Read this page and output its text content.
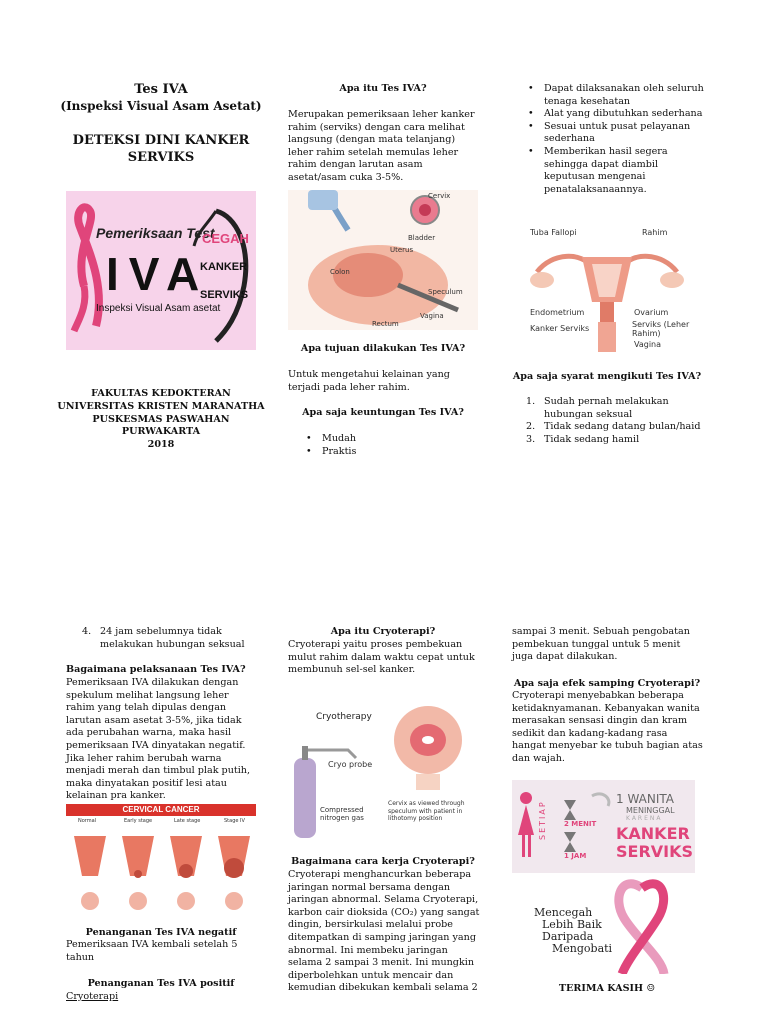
Tes IVA
(Inspeksi Visual Asam Asetat)
DETEKSI DINI KANKER
SERVIKS
Pemeriksaan Test
IVA
Inspeksi Visual Asam asetat
CEGAH
KANKER
SERVIKS
FAKULTAS KEDOKTERAN
UNIVERSITAS KRISTEN MARANATHA
PUSKESMAS PASWAHAN
PURWAKARTA
2018
Apa itu Tes IVA?
Merupakan pemeriksaan leher kanker rahim (serviks) dengan cara melihat langsung (dengan mata telanjang) leher rahim setelah memulas leher rahim dengan larutan asam asetat/asam cuka 3-5%.
Cervix
Uterus
Bladder
Speculum
Vagina
Rectum
Colon
Apa tujuan dilakukan Tes IVA?
Untuk mengetahui kelainan yang terjadi pada leher rahim.
Apa saja keuntungan Tes IVA?
• Mudah
• Praktis
• Dapat dilaksanakan oleh seluruh tenaga kesehatan
• Alat yang dibutuhkan sederhana
• Sesuai untuk pusat pelayanan sederhana
• Memberikan hasil segera sehingga dapat diambil keputusan mengenai penatalaksanaannya.
Tuba Fallopi	Rahim
Endometrium	Ovarium
Kanker Serviks	Serviks (Leher Rahim)
Vagina
Apa saja syarat mengikuti Tes IVA?
1. Sudah pernah melakukan hubungan seksual
2. Tidak sedang datang bulan/haid
3. Tidak sedang hamil
4. 24 jam sebelumnya tidak melakukan hubungan seksual
Bagaimana pelaksanaan Tes IVA?
Pemeriksaan IVA dilakukan dengan spekulum melihat langsung leher rahim yang telah dipulas dengan larutan asam asetat 3-5%, jika tidak ada perubahan warna, maka hasil pemeriksaan IVA dinyatakan negatif. Jika leher rahim berubah warna menjadi merah dan timbul plak putih, maka dinyatakan positif lesi atau kelainan pra kanker.
CERVICAL CANCER
Normal	Early stage	Late stage	Stage IV
Penanganan Tes IVA negatif
Pemeriksaan IVA kembali setelah 5 tahun
Penanganan Tes IVA positif
Cryoterapi
Apa itu Cryoterapi?
Cryoterapi yaitu proses pembekuan mulut rahim dalam waktu cepat untuk membunuh sel-sel kanker.
Cryotherapy
Cryo probe
Compressed nitrogen gas
Cervix as viewed through speculum with patient in lithotomy position
Bagaimana cara kerja Cryoterapi?
Cryoterapi menghancurkan beberapa jaringan normal bersama dengan jaringan abnormal. Selama Cryoterapi, karbon cair dioksida (CO₂) yang sangat dingin, bersirkulasi melalui probe ditempatkan di samping jaringan yang abnormal. Ini membeku jaringan selama 2 sampai 3 menit. Ini mungkin diperbolehkan untuk mencair dan kemudian dibekukan kembali selama 2
sampai 3 menit. Sebuah pengobatan pembekuan tunggal untuk 5 menit juga dapat dilakukan.
Apa saja efek samping Cryoterapi?
Cryoterapi menyebabkan beberapa ketidaknyamanan. Kebanyakan wanita merasakan sensasi dingin dan kram sedikit dan kadang-kadang rasa hangat menyebar ke tubuh bagian atas dan wajah.
SETIAP
1 WANITA
MENINGGAL
KARENA
2 MENIT
1 JAM
KANKER
SERVIKS
Mencegah
Lebih Baik
Daripada
Mengobati
TERIMA KASIH ☺
